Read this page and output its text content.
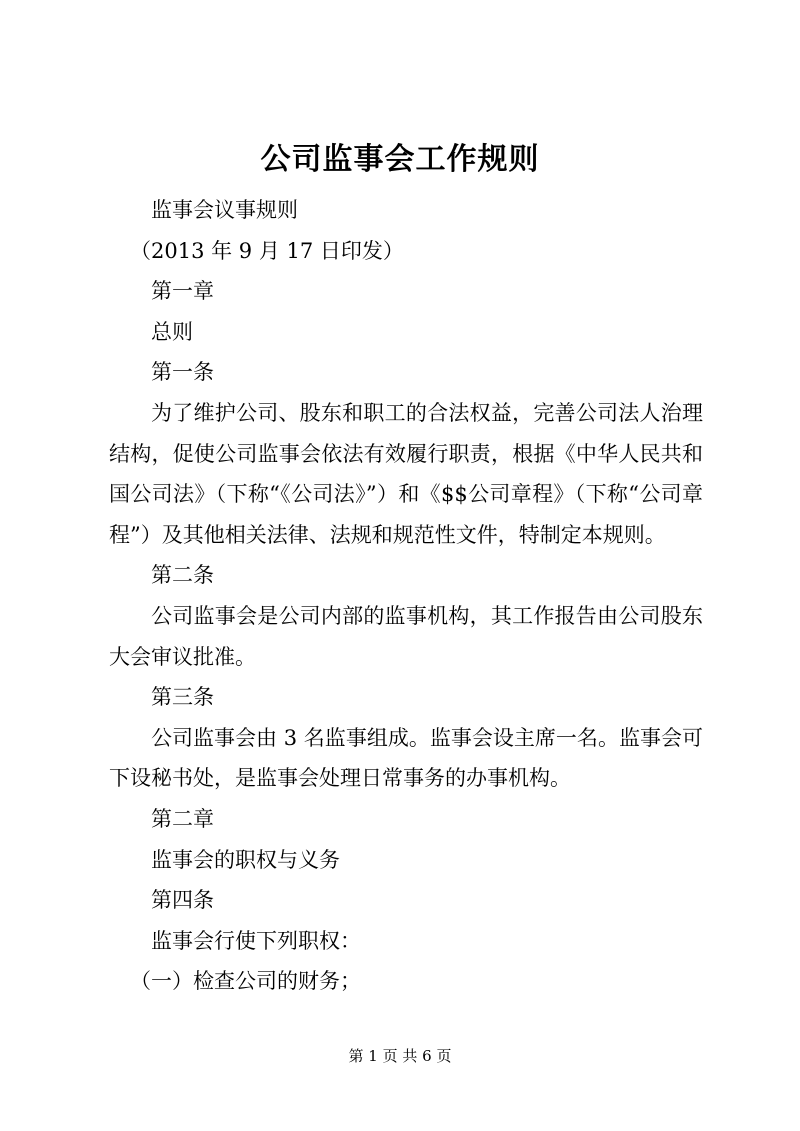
公司监事会工作规则

监事会议事规则

（2013 年 9 月 17 日印发）

第一章

总则

第一条

为了维护公司、股东和职工的合法权益，完善公司法人治理结构，促使公司监事会依法有效履行职责，根据《中华人民共和国公司法》（下称“《公司法》”）和《$$公司章程》（下称“公司章程”）及其他相关法律、法规和规范性文件，特制定本规则。

第二条

公司监事会是公司内部的监事机构，其工作报告由公司股东大会审议批准。

第三条

公司监事会由 3 名监事组成。监事会设主席一名。监事会可下设秘书处，是监事会处理日常事务的办事机构。

第二章

监事会的职权与义务

第四条

监事会行使下列职权：

（一）检查公司的财务；

第 1 页 共 6 页
